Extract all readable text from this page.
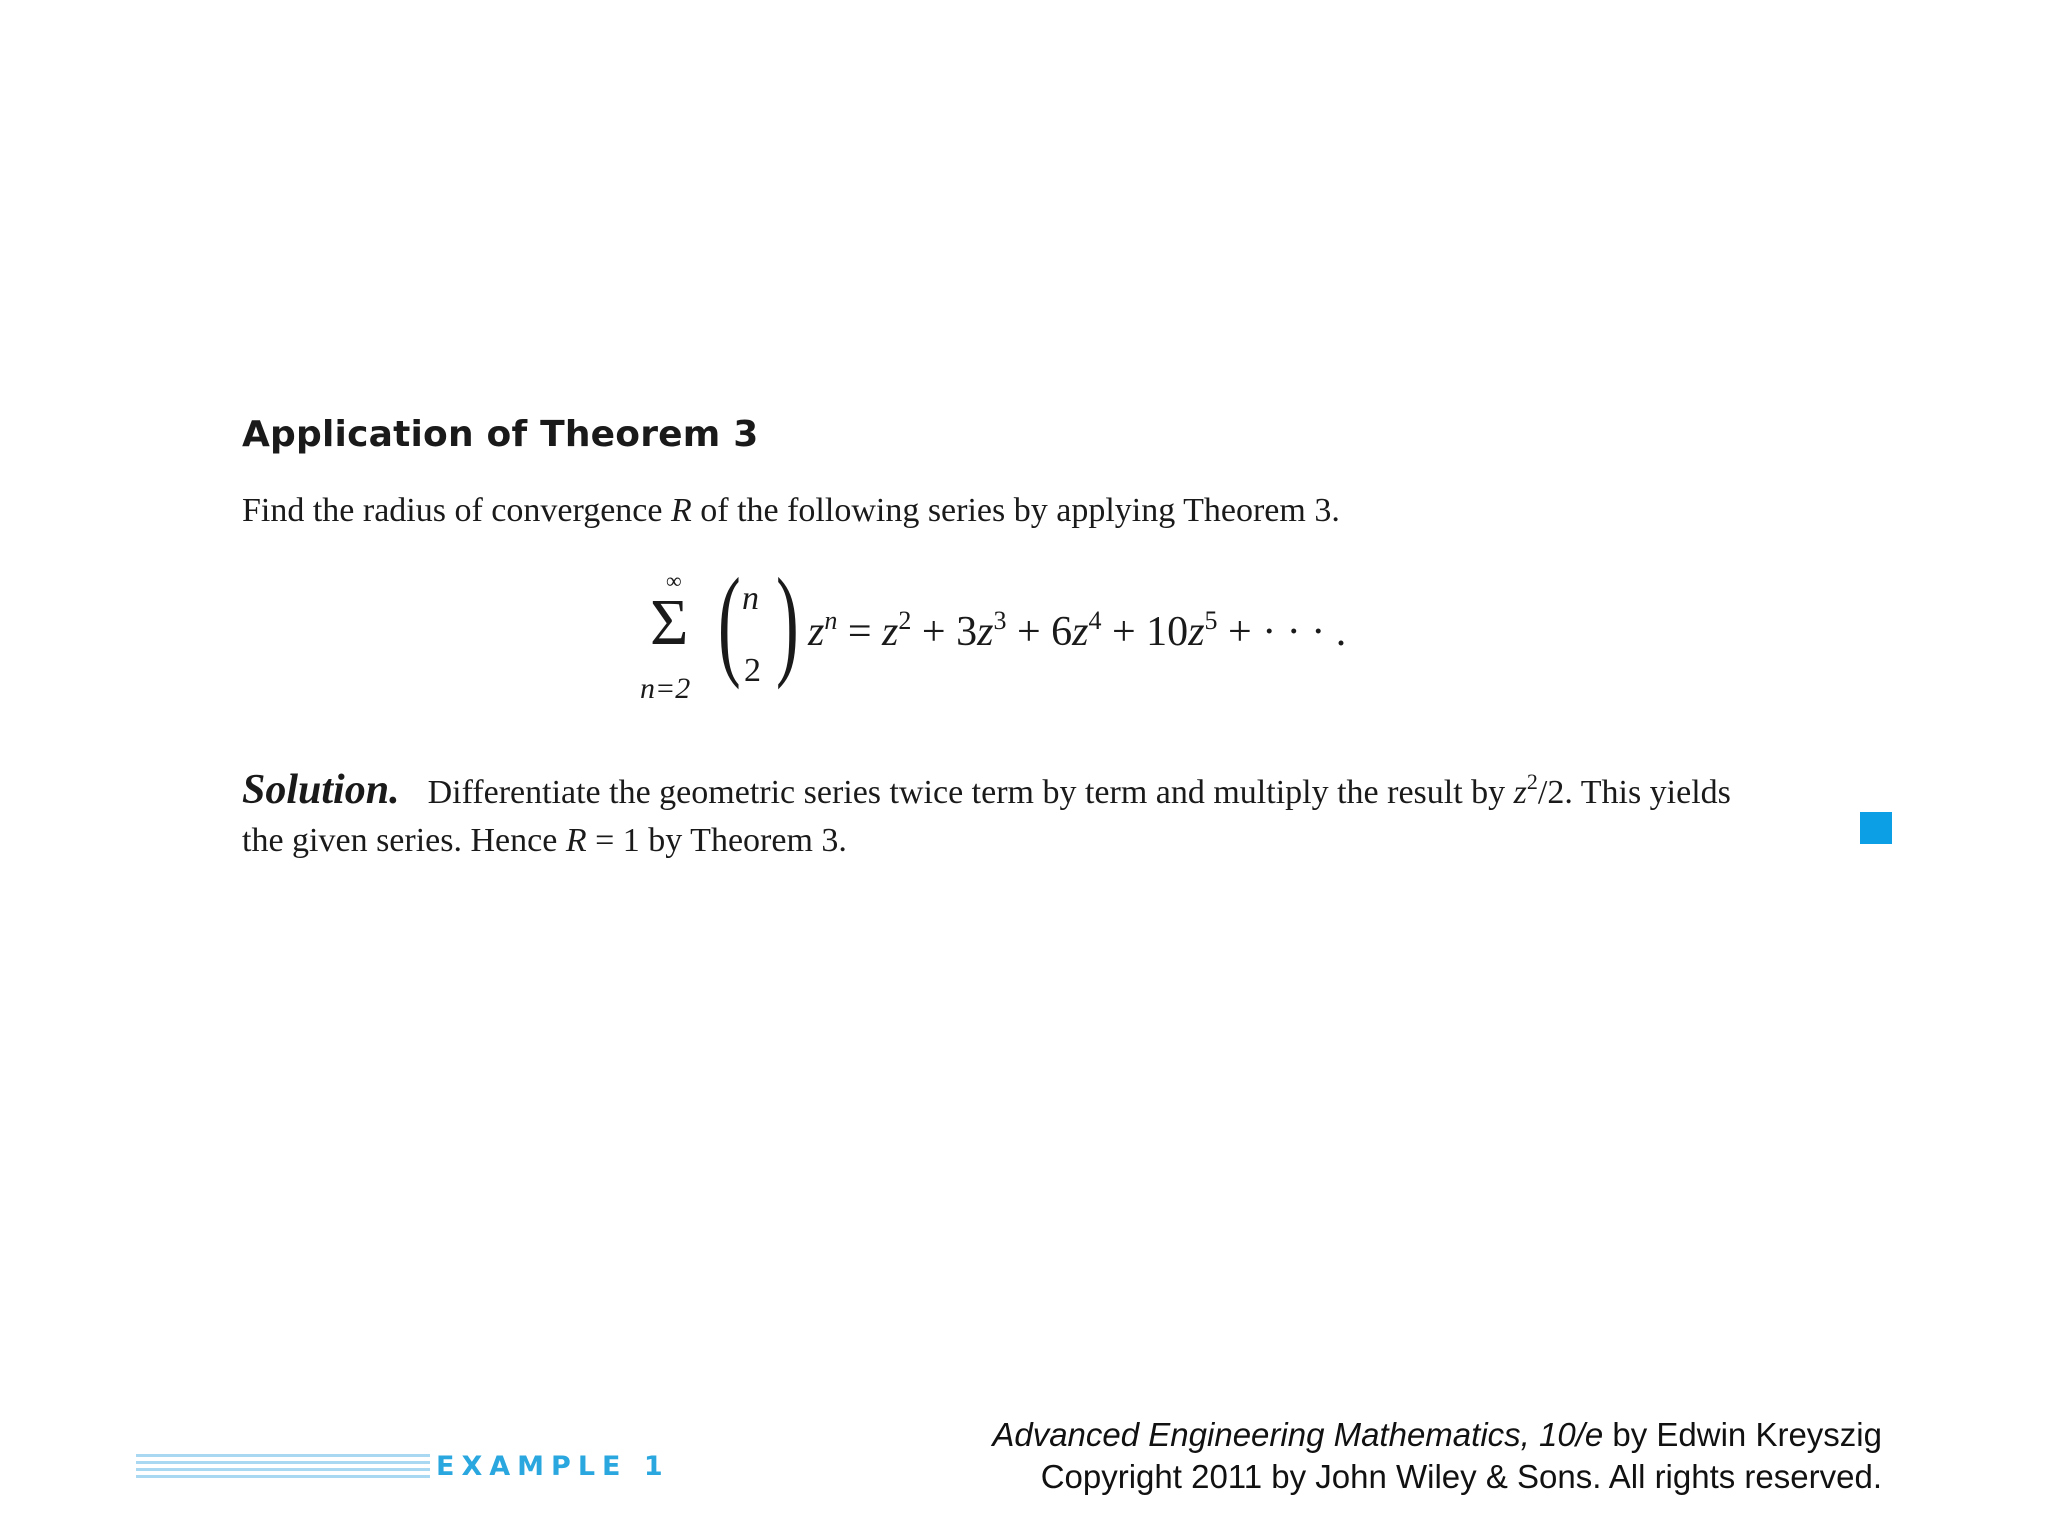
Application of Theorem 3
Find the radius of convergence R of the following series by applying Theorem 3.
∞
Σ
n=2 ( n
2 ) $z^n = z^2 + 3z^3 + 6z^4 + 10z^5$ + · · · .
Solution. Differentiate the geometric series twice term by term and multiply the result by $z^2/2$. This yields
the given series. Hence R = 1 by Theorem 3.
EXAMPLE 1
Advanced Engineering Mathematics, 10/e by Edwin Kreyszig
Copyright 2011 by John Wiley & Sons. All rights reserved.
